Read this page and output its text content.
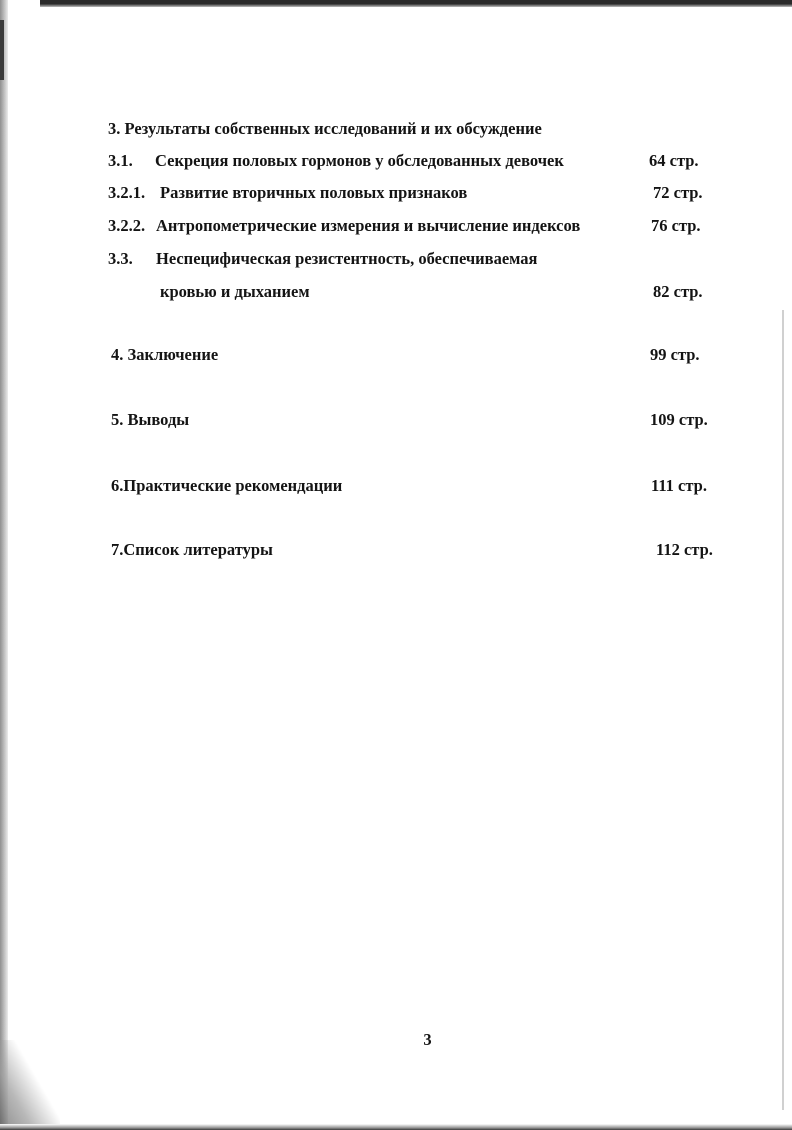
3. Результаты собственных исследований и их обсуждение
3.1. Секреция половых гормонов у обследованных девочек	64 стр.
3.2.1. Развитие вторичных половых признаков	72 стр.
3.2.2. Антропометрические измерения и вычисление индексов	76 стр.
3.3. Неспецифическая резистентность, обеспечиваемая
кровью и дыханием	82 стр.
4. Заключение	99 стр.
5. Выводы	109 стр.
6.Практические рекомендации	111 стр.
7.Список литературы	112 стр.
3
